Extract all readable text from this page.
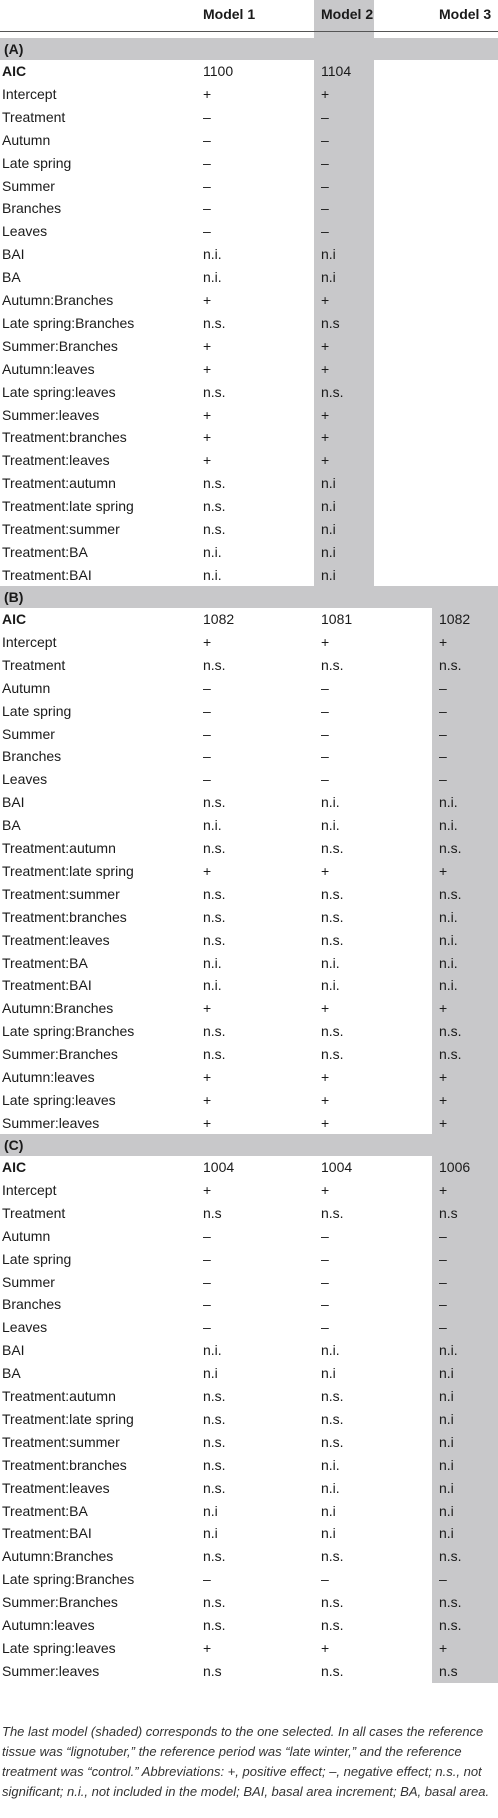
Model 1	Model 2	Model 3
(A)
AIC	1100	1104
Intercept	+	+
Treatment	–	–
Autumn	–	–
Late spring	–	–
Summer	–	–
Branches	–	–
Leaves	–	–
BAI	n.i.	n.i
BA	n.i.	n.i
Autumn:Branches	+	+
Late spring:Branches	n.s.	n.s
Summer:Branches	+	+
Autumn:leaves	+	+
Late spring:leaves	n.s.	n.s.
Summer:leaves	+	+
Treatment:branches	+	+
Treatment:leaves	+	+
Treatment:autumn	n.s.	n.i
Treatment:late spring	n.s.	n.i
Treatment:summer	n.s.	n.i
Treatment:BA	n.i.	n.i
Treatment:BAI	n.i.	n.i
(B)
AIC	1082	1081	1082
Intercept	+	+	+
Treatment	n.s.	n.s.	n.s.
Autumn	–	–	–
Late spring	–	–	–
Summer	–	–	–
Branches	–	–	–
Leaves	–	–	–
BAI	n.s.	n.i.	n.i.
BA	n.i.	n.i.	n.i.
Treatment:autumn	n.s.	n.s.	n.s.
Treatment:late spring	+	+	+
Treatment:summer	n.s.	n.s.	n.s.
Treatment:branches	n.s.	n.s.	n.i.
Treatment:leaves	n.s.	n.s.	n.i.
Treatment:BA	n.i.	n.i.	n.i.
Treatment:BAI	n.i.	n.i.	n.i.
Autumn:Branches	+	+	+
Late spring:Branches	n.s.	n.s.	n.s.
Summer:Branches	n.s.	n.s.	n.s.
Autumn:leaves	+	+	+
Late spring:leaves	+	+	+
Summer:leaves	+	+	+
(C)
AIC	1004	1004	1006
Intercept	+	+	+
Treatment	n.s	n.s.	n.s
Autumn	–	–	–
Late spring	–	–	–
Summer	–	–	–
Branches	–	–	–
Leaves	–	–	–
BAI	n.i.	n.i.	n.i.
BA	n.i	n.i	n.i
Treatment:autumn	n.s.	n.s.	n.i
Treatment:late spring	n.s.	n.s.	n.i
Treatment:summer	n.s.	n.s.	n.i
Treatment:branches	n.s.	n.i.	n.i
Treatment:leaves	n.s.	n.i.	n.i
Treatment:BA	n.i	n.i	n.i
Treatment:BAI	n.i	n.i	n.i
Autumn:Branches	n.s.	n.s.	n.s.
Late spring:Branches	–	–	–
Summer:Branches	n.s.	n.s.	n.s.
Autumn:leaves	n.s.	n.s.	n.s.
Late spring:leaves	+	+	+
Summer:leaves	n.s	n.s.	n.s
The last model (shaded) corresponds to the one selected. In all cases the reference tissue was “lignotuber,” the reference period was “late winter,” and the reference treatment was “control.” Abbreviations: +, positive effect; –, negative effect; n.s., not significant; n.i., not included in the model; BAI, basal area increment; BA, basal area.
